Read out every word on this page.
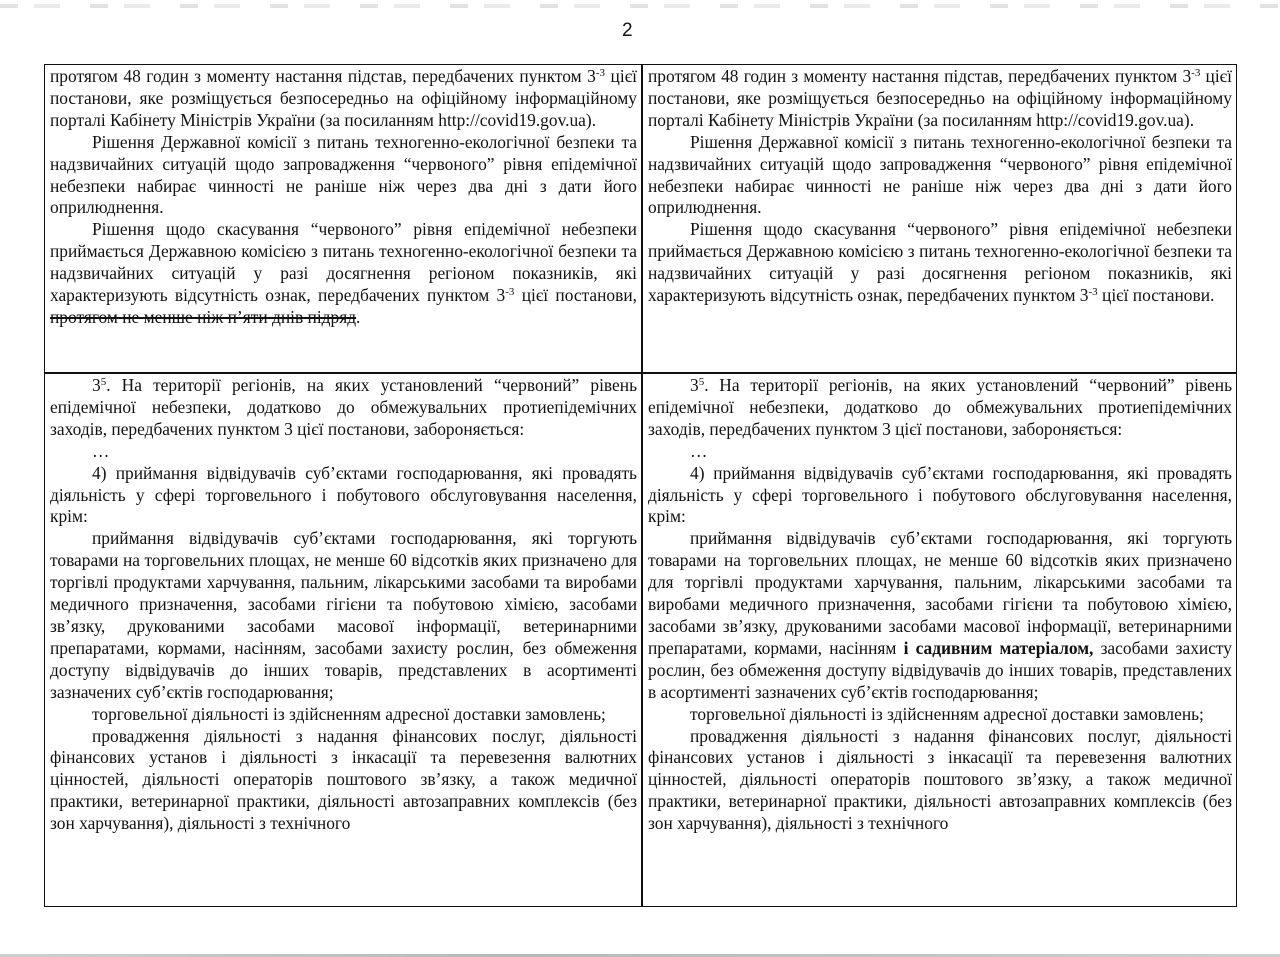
2

протягом 48 годин з моменту настання підстав, передбачених пунктом $3^{-3}$ цієї постанови, яке розміщується безпосередньо на офіційному інформаційному порталі Кабінету Міністрів України (за посиланням http://covid19.gov.ua).

Рішення Державної комісії з питань техногенно-екологічної безпеки та надзвичайних ситуацій щодо запровадження “червоного” рівня епідемічної небезпеки набирає чинності не раніше ніж через два дні з дати його оприлюднення.

Рішення щодо скасування “червоного” рівня епідемічної небезпеки приймається Державною комісією з питань техногенно-екологічної безпеки та надзвичайних ситуацій у разі досягнення регіоном показників, які характеризують відсутність ознак, передбачених пунктом $3^{-3}$ цієї постанови, протягом не менше ніж п’яти днів підряд.

протягом 48 годин з моменту настання підстав, передбачених пунктом $3^{-3}$ цієї постанови, яке розміщується безпосередньо на офіційному інформаційному порталі Кабінету Міністрів України (за посиланням http://covid19.gov.ua).

Рішення Державної комісії з питань техногенно-екологічної безпеки та надзвичайних ситуацій щодо запровадження “червоного” рівня епідемічної небезпеки набирає чинності не раніше ніж через два дні з дати його оприлюднення.

Рішення щодо скасування “червоного” рівня епідемічної небезпеки приймається Державною комісією з питань техногенно-екологічної безпеки та надзвичайних ситуацій у разі досягнення регіоном показників, які характеризують відсутність ознак, передбачених пунктом $3^{-3}$ цієї постанови.

$3^5$. На території регіонів, на яких установлений “червоний” рівень епідемічної небезпеки, додатково до обмежувальних протиепідемічних заходів, передбачених пунктом 3 цієї постанови, забороняється:

…

4) приймання відвідувачів суб’єктами господарювання, які провадять діяльність у сфері торговельного і побутового обслуговування населення, крім:

приймання відвідувачів суб’єктами господарювання, які торгують товарами на торговельних площах, не менше 60 відсотків яких призначено для торгівлі продуктами харчування, пальним, лікарськими засобами та виробами медичного призначення, засобами гігієни та побутовою хімією, засобами зв’язку, друкованими засобами масової інформації, ветеринарними препаратами, кормами, насінням, засобами захисту рослин, без обмеження доступу відвідувачів до інших товарів, представлених в асортименті зазначених суб’єктів господарювання;

торговельної діяльності із здійсненням адресної доставки замовлень;

провадження діяльності з надання фінансових послуг, діяльності фінансових установ і діяльності з інкасації та перевезення валютних цінностей, діяльності операторів поштового зв’язку, а також медичної практики, ветеринарної практики, діяльності автозаправних комплексів (без зон харчування), діяльності з технічного

$3^5$. На території регіонів, на яких установлений “червоний” рівень епідемічної небезпеки, додатково до обмежувальних протиепідемічних заходів, передбачених пунктом 3 цієї постанови, забороняється:

…

4) приймання відвідувачів суб’єктами господарювання, які провадять діяльність у сфері торговельного і побутового обслуговування населення, крім:

приймання відвідувачів суб’єктами господарювання, які торгують товарами на торговельних площах, не менше 60 відсотків яких призначено для торгівлі продуктами харчування, пальним, лікарськими засобами та виробами медичного призначення, засобами гігієни та побутовою хімією, засобами зв’язку, друкованими засобами масової інформації, ветеринарними препаратами, кормами, насінням і садивним матеріалом, засобами захисту рослин, без обмеження доступу відвідувачів до інших товарів, представлених в асортименті зазначених суб’єктів господарювання;

торговельної діяльності із здійсненням адресної доставки замовлень;

провадження діяльності з надання фінансових послуг, діяльності фінансових установ і діяльності з інкасації та перевезення валютних цінностей, діяльності операторів поштового зв’язку, а також медичної практики, ветеринарної практики, діяльності автозаправних комплексів (без зон харчування), діяльності з технічного
